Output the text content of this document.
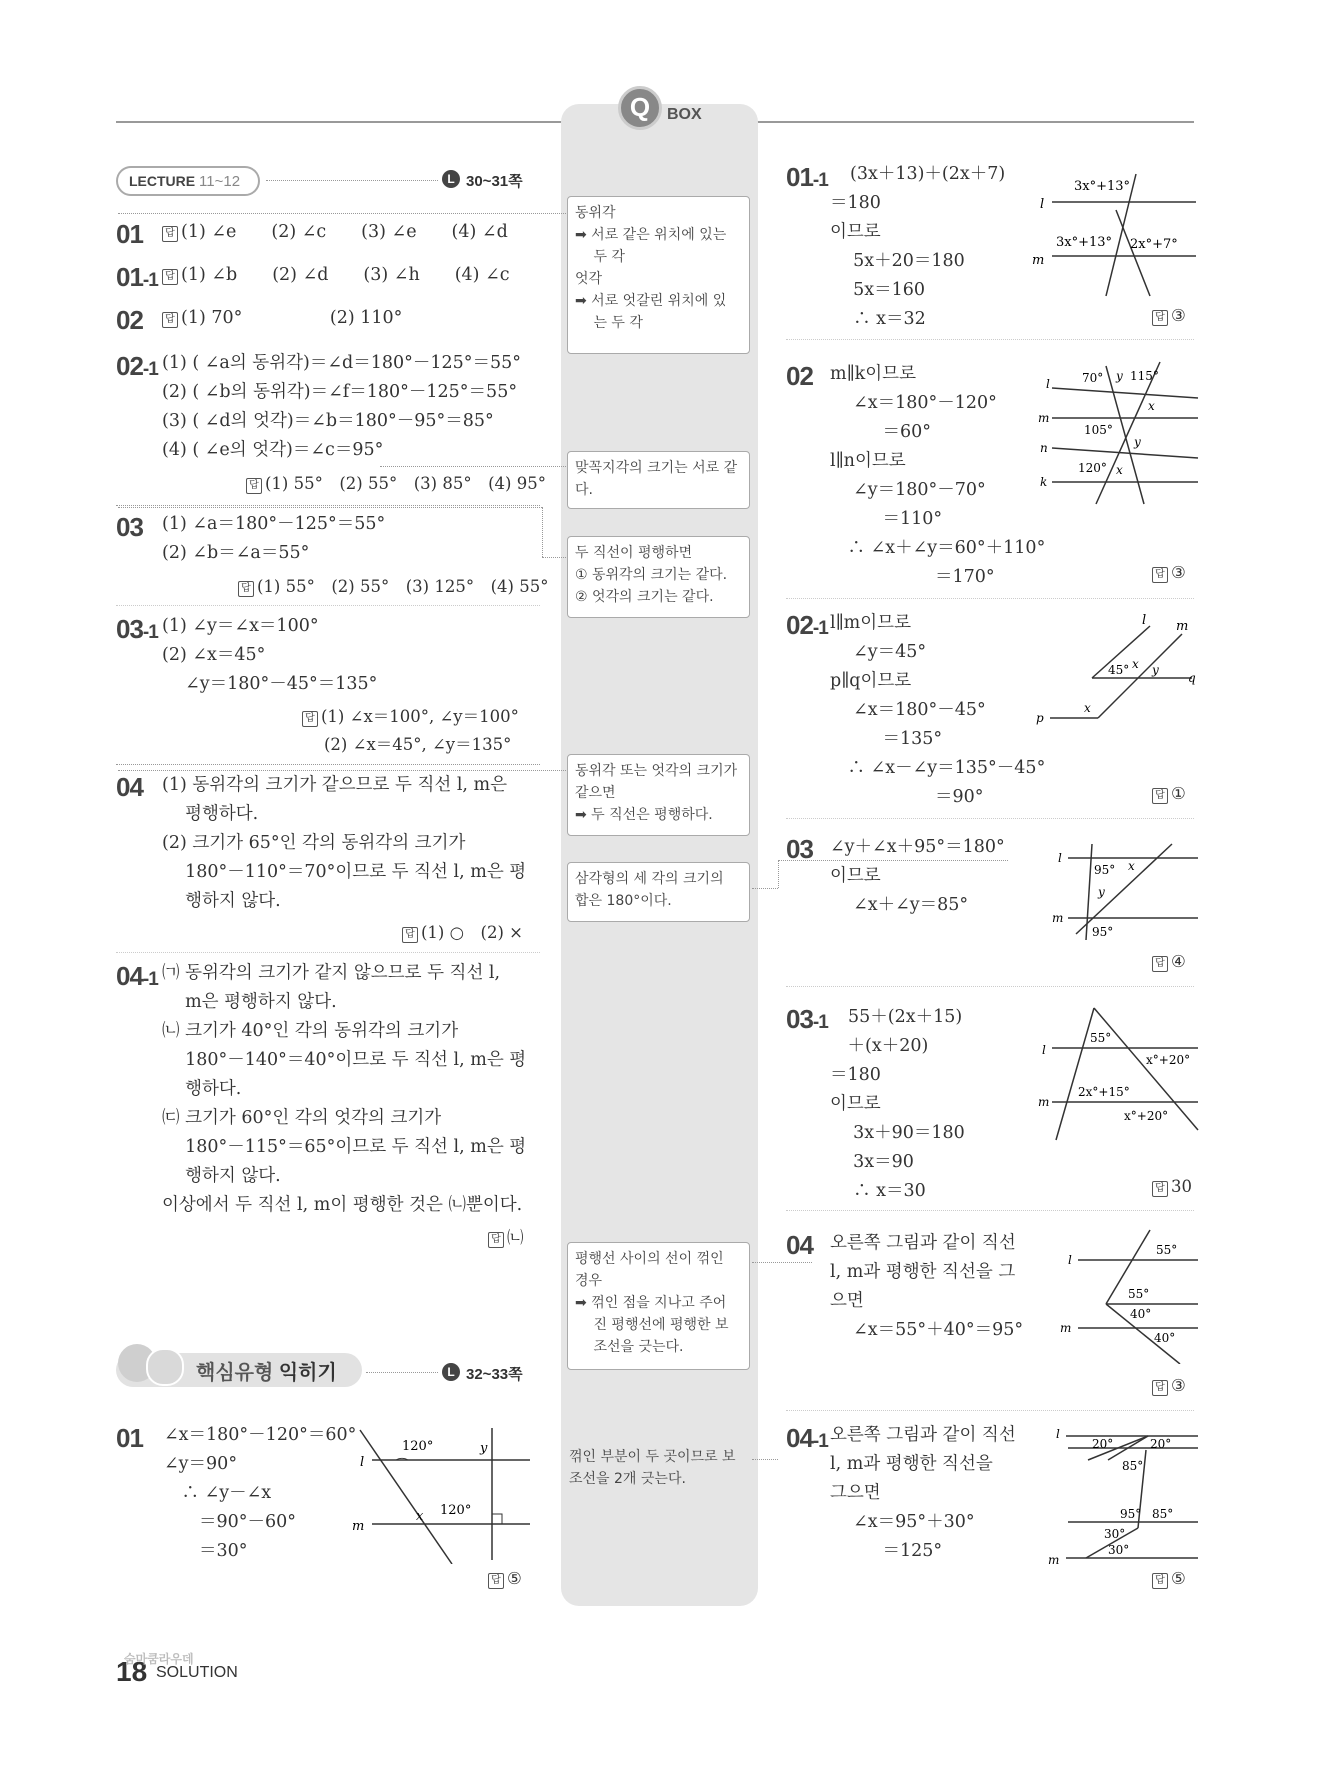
Q	BOX
LECTURE 11~12	L 30~31쪽
01	답 (1) ∠e　　(2) ∠c　　(3) ∠e　　(4) ∠d
01-1 답 (1) ∠b　　(2) ∠d　　(3) ∠h　　(4) ∠c
02	답 (1) 70°　　　　　(2) 110°
02-1 (1) ( ∠a의 동위각)＝∠d＝180°－125°＝55°
(2) ( ∠b의 동위각)＝∠f＝180°－125°＝55°
(3) ( ∠d의 엇각)＝∠b＝180°－95°＝85°
(4) ( ∠e의 엇각)＝∠c＝95°
답 (1) 55°　(2) 55°　(3) 85°　(4) 95°
03 (1) ∠a＝180°－125°＝55°
(2) ∠b＝∠a＝55°
답 (1) 55°　(2) 55°　(3) 125°　(4) 55°
03-1 (1) ∠y＝∠x＝100°
(2) ∠x＝45°
　 ∠y＝180°－45°＝135°
답 (1) ∠x＝100°, ∠y＝100°
(2) ∠x＝45°, ∠y＝135°
04 (1) 동위각의 크기가 같으므로 두 직선 l, m은
　 평행하다.
(2) 크기가 65°인 각의 동위각의 크기가
　 180°－110°＝70°이므로 두 직선 l, m은 평
　 행하지 않다.
답 (1) ○　(2) ×
04-1 ㈀ 동위각의 크기가 같지 않으므로 두 직선 l,
　 m은 평행하지 않다.
㈁ 크기가 40°인 각의 동위각의 크기가
　 180°－140°＝40°이므로 두 직선 l, m은 평
　 행하다.
㈂ 크기가 60°인 각의 엇각의 크기가
　 180°－115°＝65°이므로 두 직선 l, m은 평
　 행하지 않다.
이상에서 두 직선 l, m이 평행한 것은 ㈁뿐이다.
답 ㈁
핵심유형 익히기	L 32~33쪽
01 ∠x＝180°－120°＝60°
∠y＝90°
　∴ ∠y－∠x
　　＝90°－60°
　　＝30°
120°	y
l
x 120°
m
답 ⑤
동위각
➡ 서로 같은 위치에 있는
　 두 각
엇각
➡ 서로 엇갈린 위치에 있
　 는 두 각
맞꼭지각의 크기는 서로 같
다.
두 직선이 평행하면
① 동위각의 크기는 같다.
② 엇각의 크기는 같다.
동위각 또는 엇각의 크기가
같으면
➡ 두 직선은 평행하다.
삼각형의 세 각의 크기의
합은 180°이다.
평행선 사이의 선이 꺾인
경우
➡ 꺾인 점을 지나고 주어
　 진 평행선에 평행한 보
　 조선을 긋는다.
꺾인 부분이 두 곳이므로 보
조선을 2개 긋는다.
01-1 (3x＋13)＋(2x＋7)
＝180
이므로
　 5x＋20＝180
　 5x＝160
　 ∴ x＝32
3x°+13°
l
3x°+13° 2x°+7°
m
답 ③
02 m∥k이므로
　 ∠x＝180°－120°
　　　＝60°
l∥n이므로
　 ∠y＝180°－70°
　　　＝110°
　∴ ∠x＋∠y＝60°＋110°
　　　　　　＝170°
70° y 115°
x
l
m
105°
y
n
120° x
k
답 ③
02-1 l∥m이므로
　 ∠y＝45°
p∥q이므로
　 ∠x＝180°－45°
　　　＝135°
　∴ ∠x－∠y＝135°－45°
　　　　　　＝90°
l m
45° x y
q
x
p
답 ①
03 ∠y＋∠x＋95°＝180°
이므로
　 ∠x＋∠y＝85°
l
95° x
y
m
95°
답 ④
03-1 55＋(2x＋15)
　＋(x＋20)
＝180
이므로
　 3x＋90＝180
　 3x＝90
　 ∴ x＝30
55°
x°+20°
l
2x°+15°
m
x°+20°
답 30
04 오른쪽 그림과 같이 직선
l, m과 평행한 직선을 그
으면
　 ∠x＝55°＋40°＝95°
55°
l
55°
40°
m
40°
답 ③
04-1 오른쪽 그림과 같이 직선
l, m과 평행한 직선을
그으면
　 ∠x＝95°＋30°
　　　＝125°
l
20°	20°
85°
95° 85°
30°
30°
m
답 ⑤
18
숨마쿰라우데
SOLUTION
